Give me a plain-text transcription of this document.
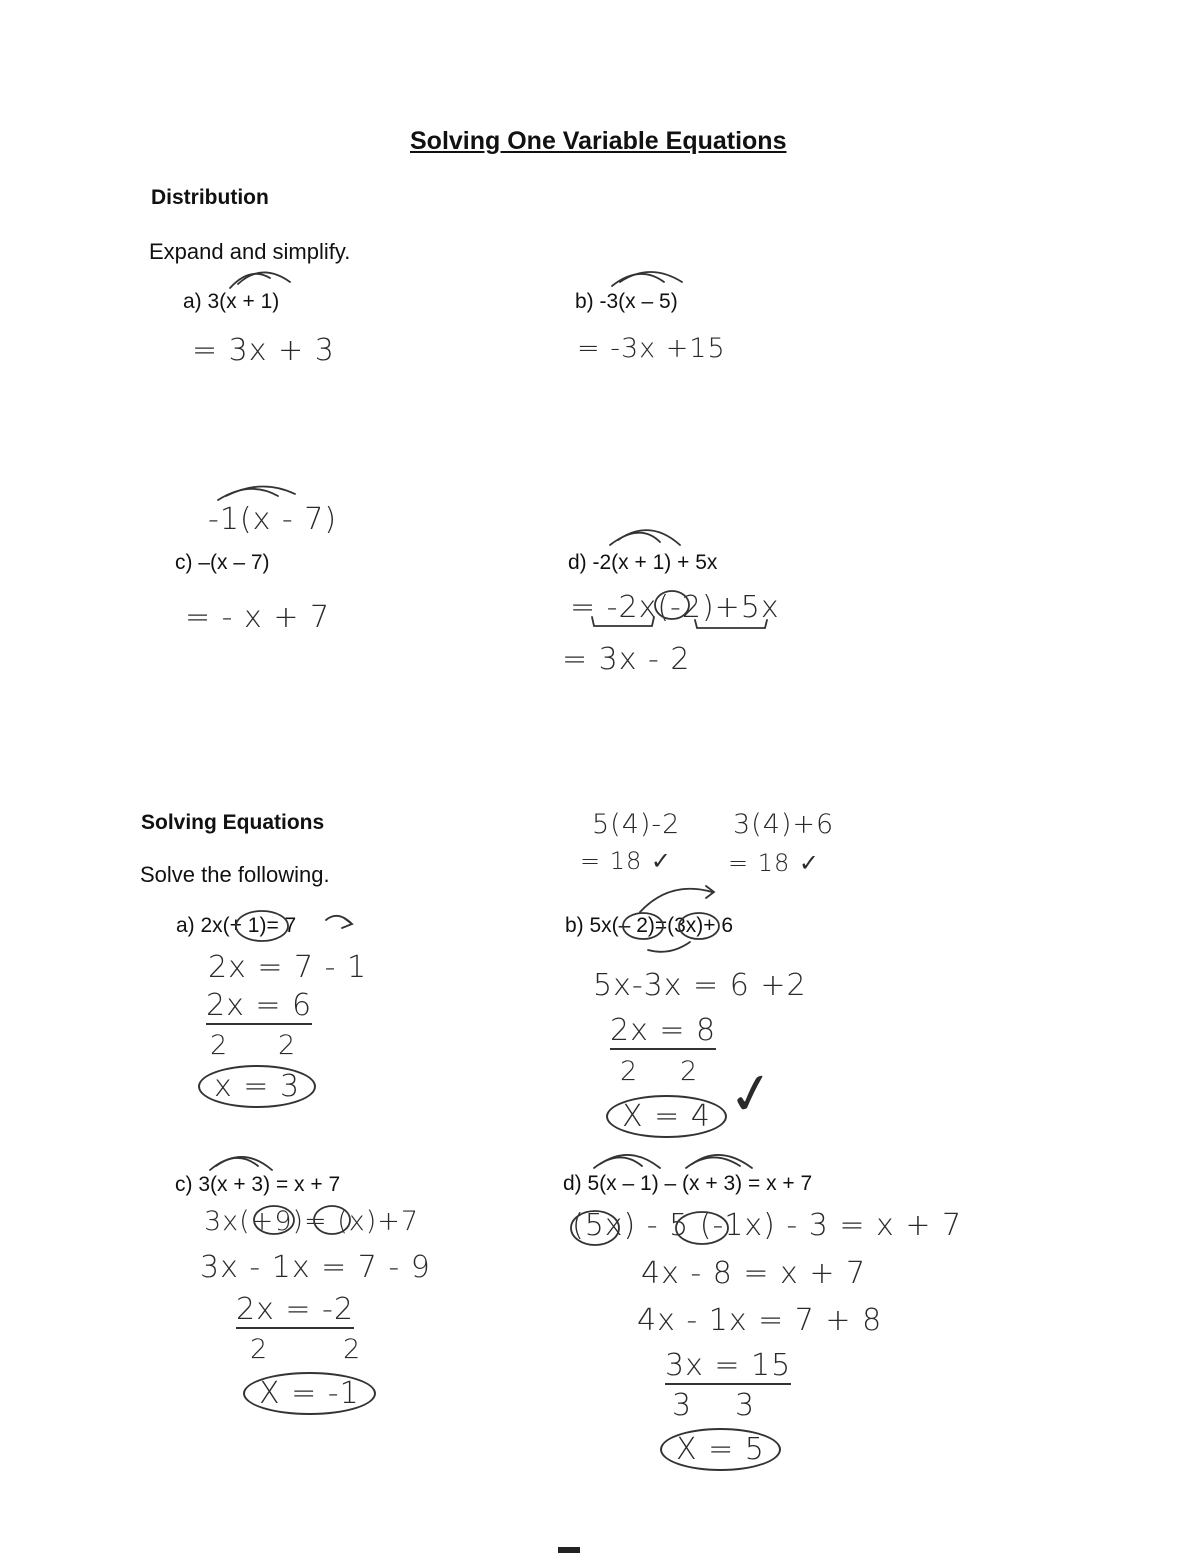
Solving One Variable Equations
Distribution
Expand and simplify.
a) 3(x + 1)
= 3x + 3
b) -3(x – 5)
= -3x +15
-1(x - 7)
c) –(x – 7)
= - x + 7
d) -2(x + 1) + 5x
= -2x(-2)+5x
= 3x - 2
Solving Equations
Solve the following.
5(4)-2
= 18 ✓
3(4)+6
= 18 ✓
a) 2x(+ 1)= 7
2x = 7 - 1
2x = 6
2 2
x = 3
b) 5x(– 2)=(3x)+ 6
5x-3x = 6 +2
2x = 8
2 2
X = 4 ✓
c) 3(x + 3) = x + 7
3x(+9)= (x)+7
3x - 1x = 7 - 9
2x = -2
2	2
X = -1
d) 5(x – 1) – (x + 3) = x + 7
(5x) - 5 (-1x) - 3 = x + 7
4x - 8 = x + 7
4x - 1x = 7 + 8
3x = 15
3 3
X = 5
